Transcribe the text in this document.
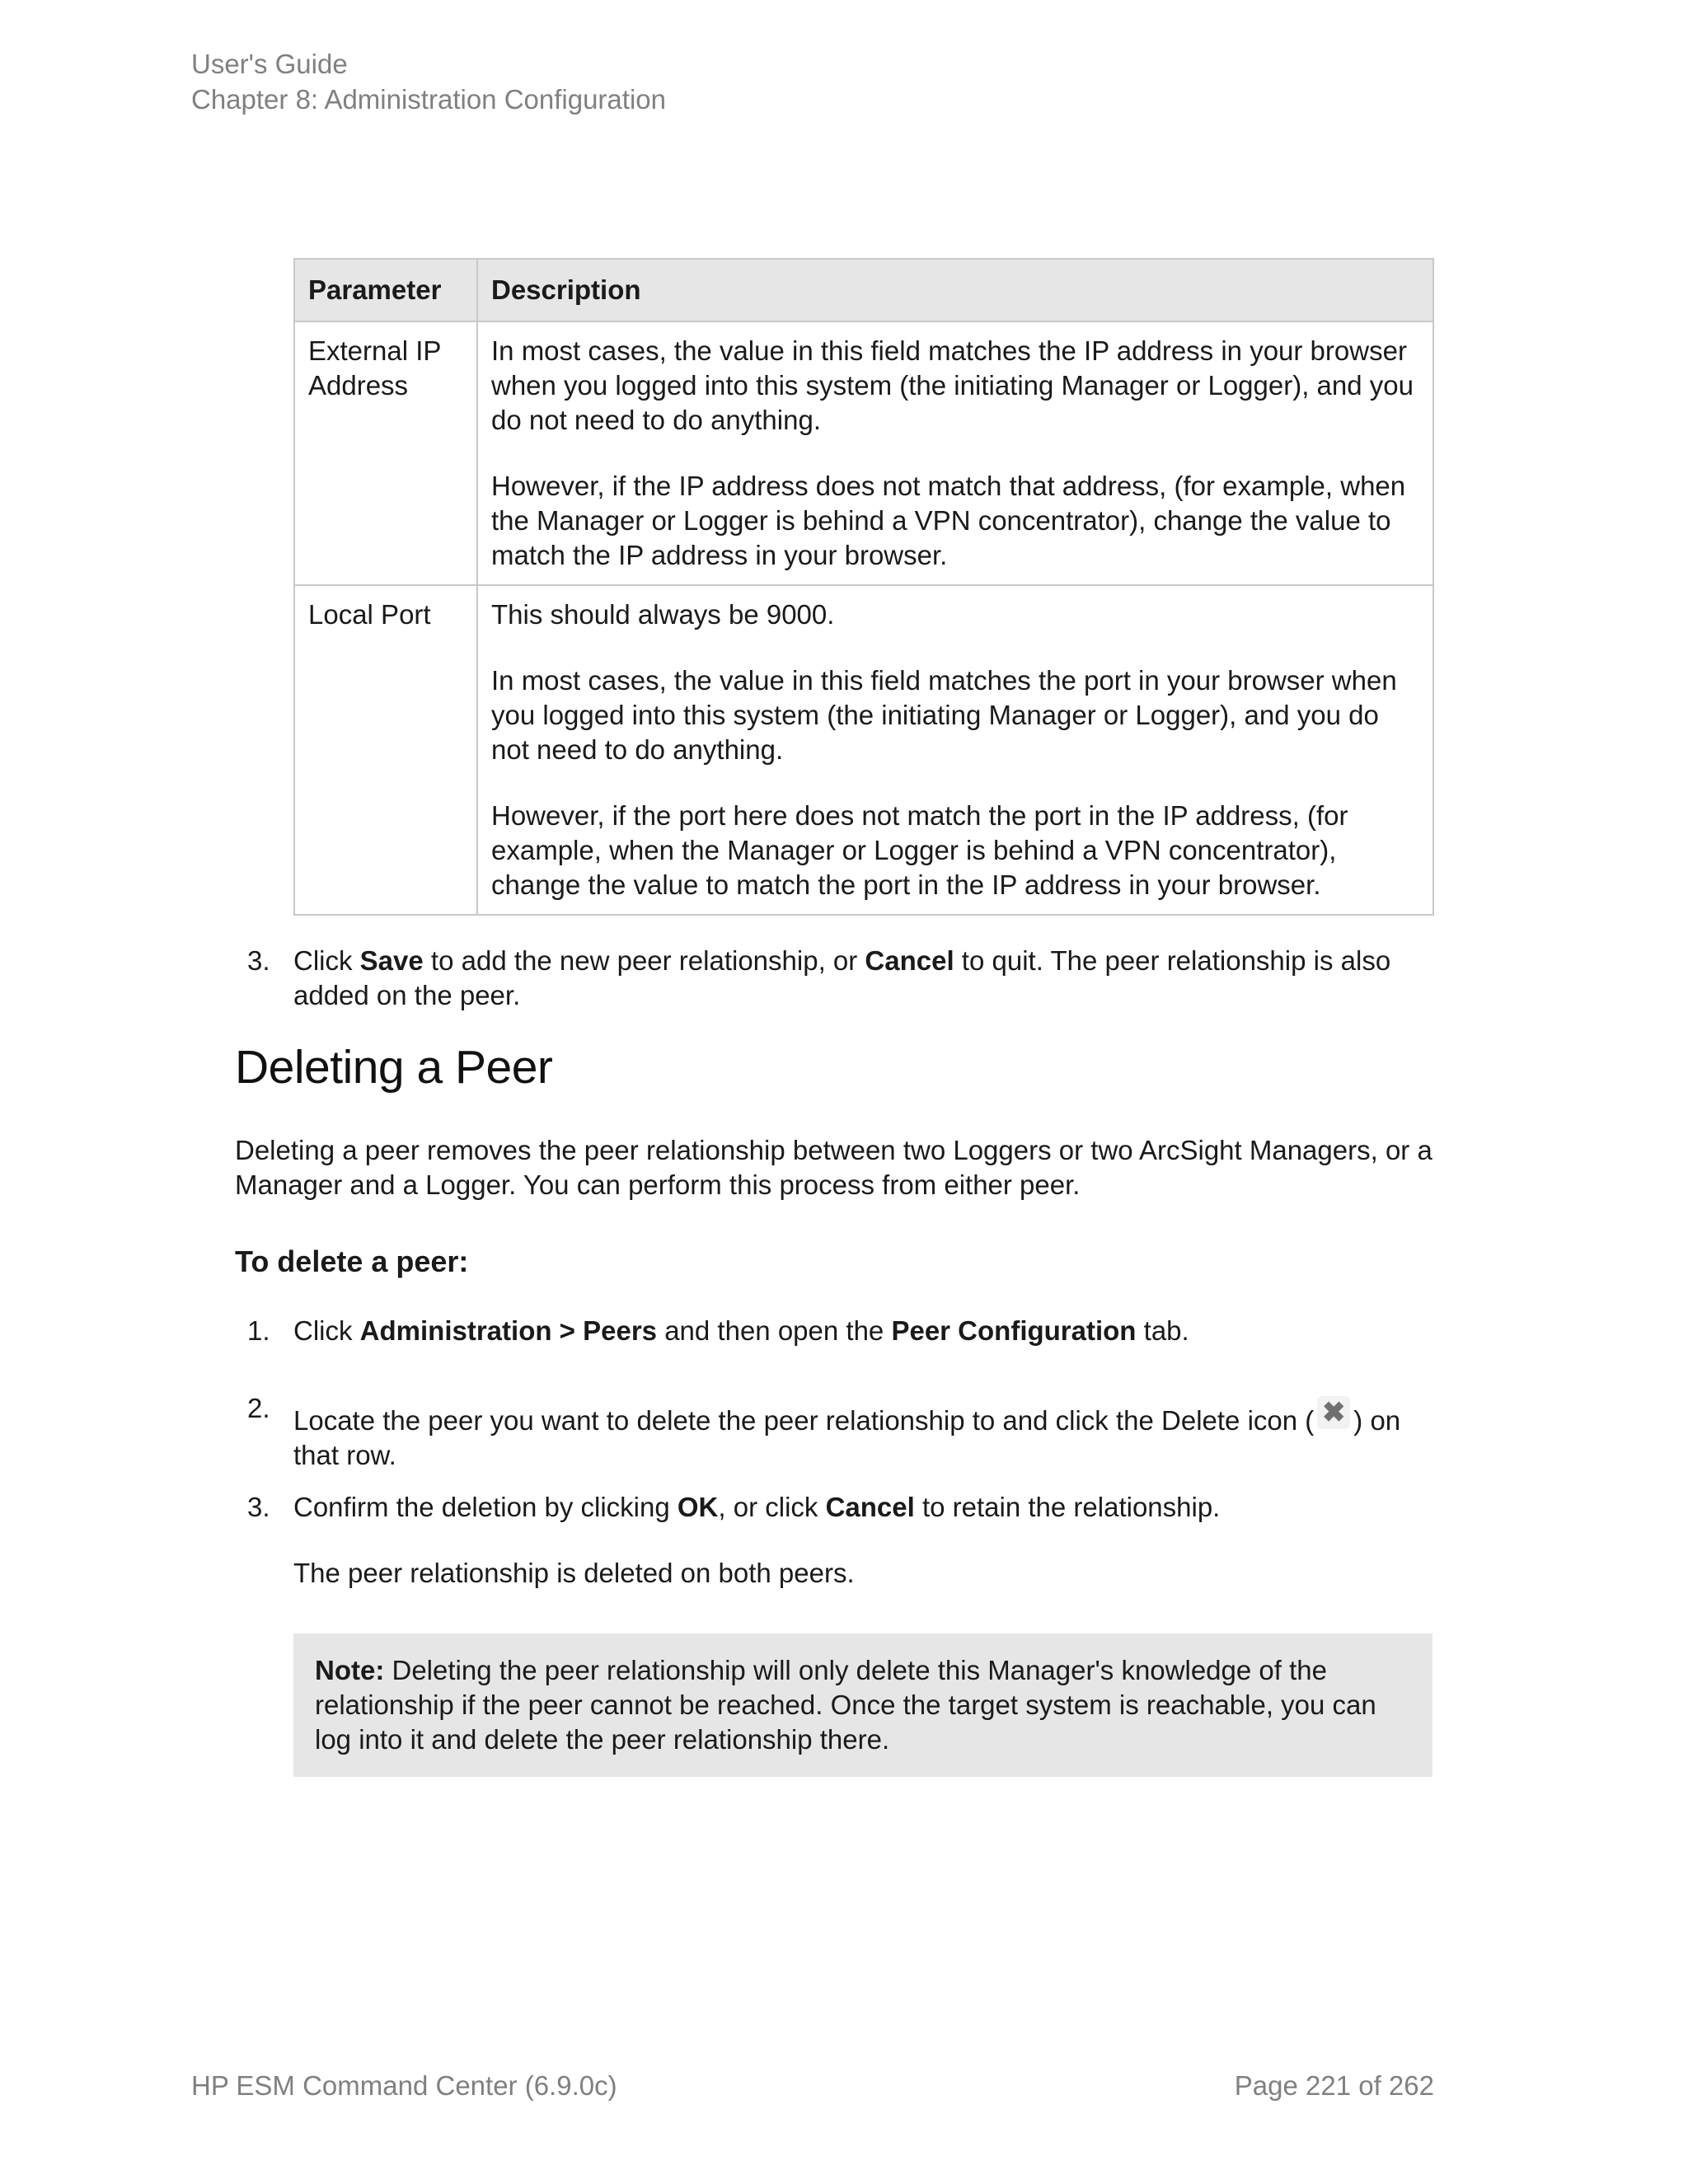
User's Guide
Chapter 8: Administration Configuration
Parameter	Description
External IP Address	In most cases, the value in this field matches the IP address in your browser when you logged into this system (the initiating Manager or Logger), and you do not need to do anything.

However, if the IP address does not match that address, (for example, when the Manager or Logger is behind a VPN concentrator), change the value to match the IP address in your browser.

Local Port	This should always be 9000.

In most cases, the value in this field matches the port in your browser when you logged into this system (the initiating Manager or Logger), and you do not need to do anything.

However, if the port here does not match the port in the IP address, (for example, when the Manager or Logger is behind a VPN concentrator), change the value to match the port in the IP address in your browser.

3. Click Save to add the new peer relationship, or Cancel to quit. The peer relationship is also added on the peer.
Deleting a Peer

Deleting a peer removes the peer relationship between two Loggers or two ArcSight Managers, or a Manager and a Logger. You can perform this process from either peer.

To delete a peer:
1. Click Administration > Peers and then open the Peer Configuration tab.
2. Locate the peer you want to delete the peer relationship to and click the Delete icon ( ✖ ) on that row.
3. Confirm the deletion by clicking OK, or click Cancel to retain the relationship.

The peer relationship is deleted on both peers.

Note: Deleting the peer relationship will only delete this Manager's knowledge of the relationship if the peer cannot be reached. Once the target system is reachable, you can log into it and delete the peer relationship there.
HP ESM Command Center (6.9.0c)	Page 221 of 262
